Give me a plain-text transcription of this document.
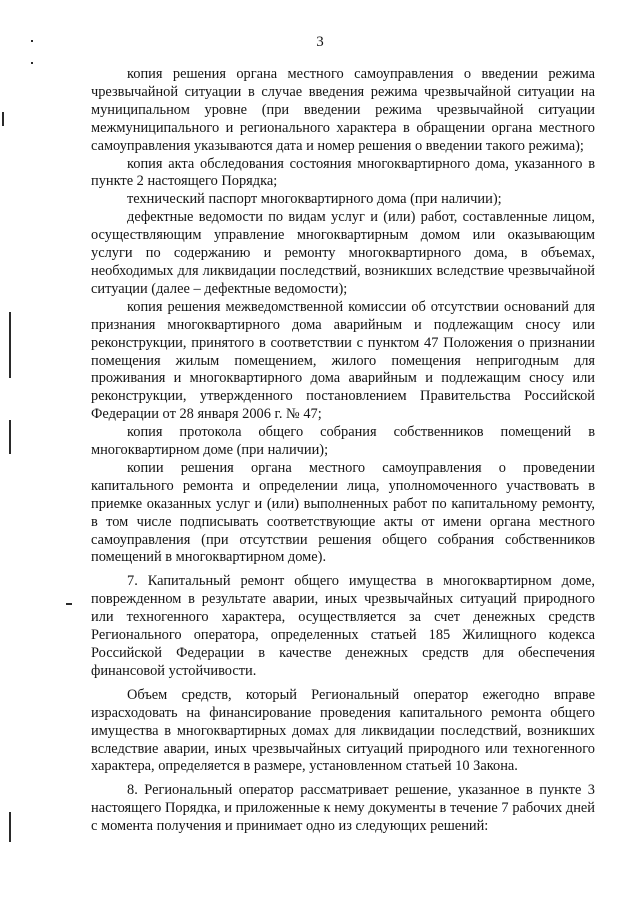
3

копия решения органа местного самоуправления о введении режима чрезвычайной ситуации в случае введения режима чрезвычайной ситуации на муниципальном уровне (при введении режима чрезвычайной ситуации межмуниципального и регионального характера в обращении органа местного самоуправления указываются дата и номер решения о введении такого режима);

копия акта обследования состояния многоквартирного дома, указанного в пункте 2 настоящего Порядка;

технический паспорт многоквартирного дома (при наличии);

дефектные ведомости по видам услуг и (или) работ, составленные лицом, осуществляющим управление многоквартирным домом или оказывающим услуги по содержанию и ремонту многоквартирного дома, в объемах, необходимых для ликвидации последствий, возникших вследствие чрезвычайной ситуации (далее – дефектные ведомости);

копия решения межведомственной комиссии об отсутствии оснований для признания многоквартирного дома аварийным и подлежащим сносу или реконструкции, принятого в соответствии с пунктом 47 Положения о признании помещения жилым помещением, жилого помещения непригодным для проживания и многоквартирного дома аварийным и подлежащим сносу или реконструкции, утвержденного постановлением Правительства Российской Федерации от 28 января 2006 г. № 47;

копия протокола общего собрания собственников помещений в многоквартирном доме (при наличии);

копии решения органа местного самоуправления о проведении капитального ремонта и определении лица, уполномоченного участвовать в приемке оказанных услуг и (или) выполненных работ по капитальному ремонту, в том числе подписывать соответствующие акты от имени органа местного самоуправления (при отсутствии решения общего собрания собственников помещений в многоквартирном доме).

7. Капитальный ремонт общего имущества в многоквартирном доме, поврежденном в результате аварии, иных чрезвычайных ситуаций природного или техногенного характера, осуществляется за счет денежных средств Регионального оператора, определенных статьей 185 Жилищного кодекса Российской Федерации в качестве денежных средств для обеспечения финансовой устойчивости.

Объем средств, который Региональный оператор ежегодно вправе израсходовать на финансирование проведения капитального ремонта общего имущества в многоквартирных домах для ликвидации последствий, возникших вследствие аварии, иных чрезвычайных ситуаций природного или техногенного характера, определяется в размере, установленном статьей 10 Закона.

8. Региональный оператор рассматривает решение, указанное в пункте 3 настоящего Порядка, и приложенные к нему документы в течение 7 рабочих дней с момента получения и принимает одно из следующих решений:
